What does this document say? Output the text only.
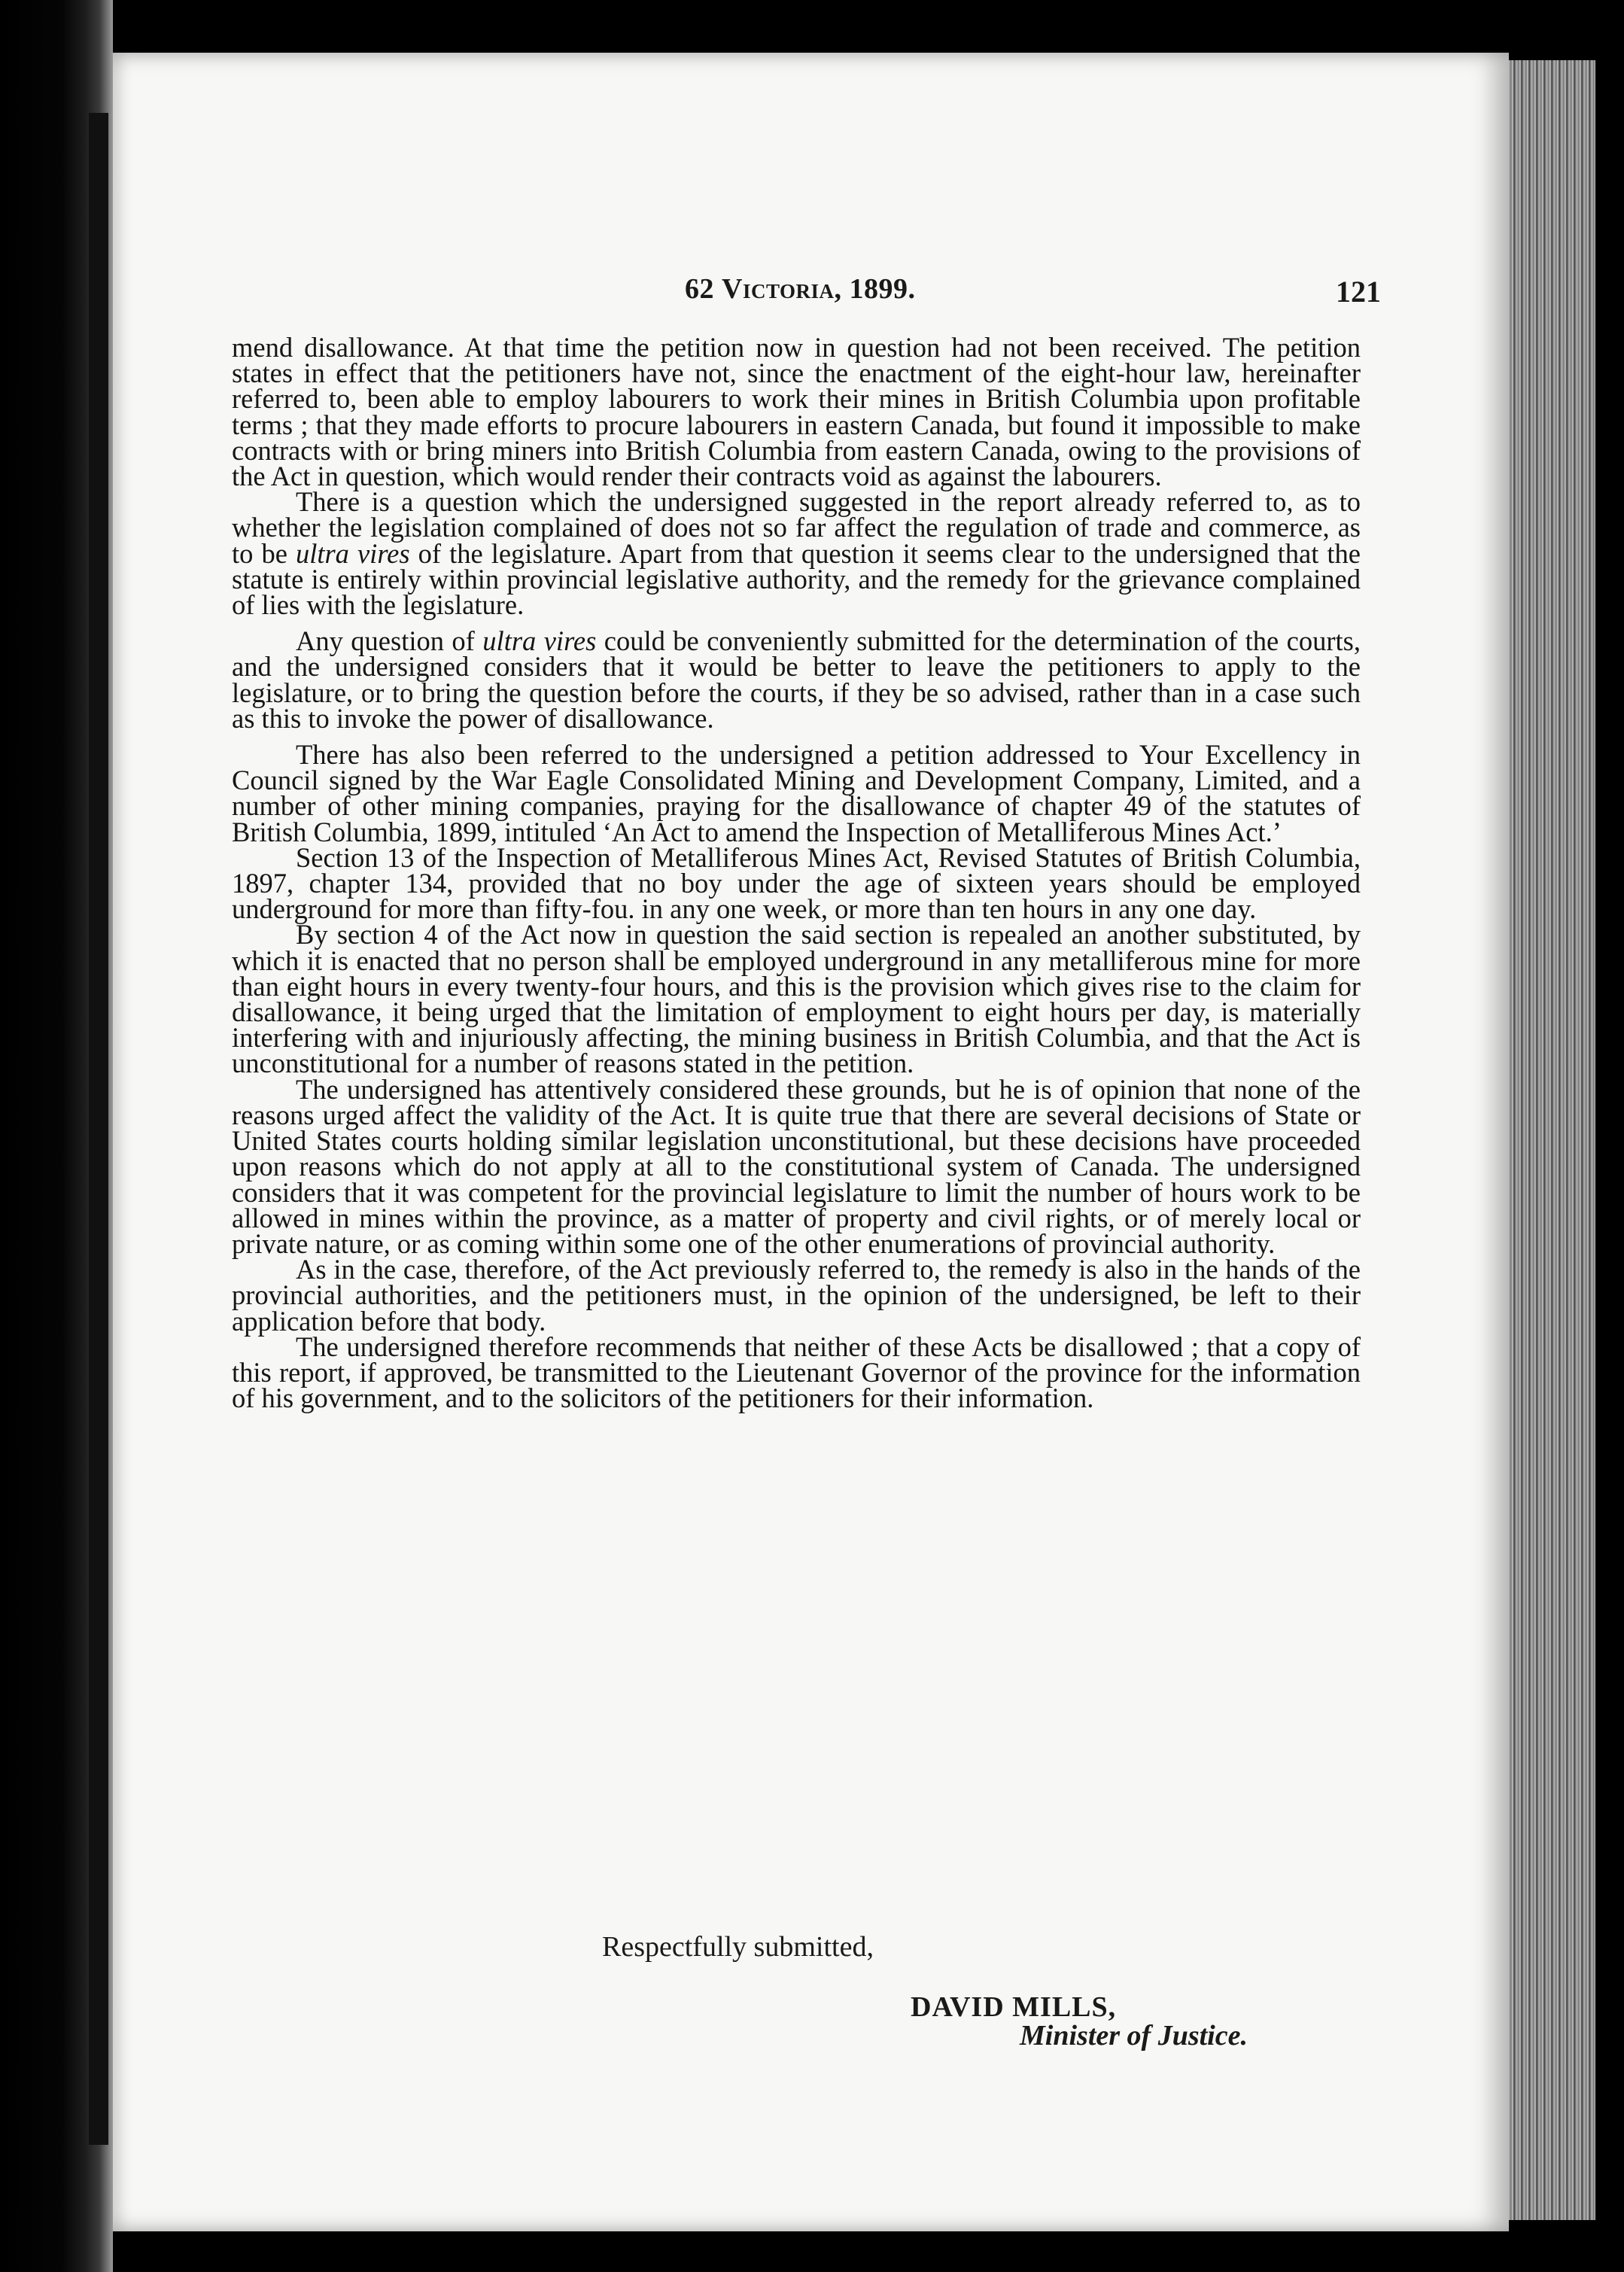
62 Victoria, 1899.	121

mend disallowance. At that time the petition now in question had not been received. The petition states in effect that the petitioners have not, since the enactment of the eight-hour law, hereinafter referred to, been able to employ labourers to work their mines in British Columbia upon profitable terms ; that they made efforts to procure labourers in eastern Canada, but found it impossible to make contracts with or bring miners into British Columbia from eastern Canada, owing to the provisions of the Act in question, which would render their contracts void as against the labourers.

There is a question which the undersigned suggested in the report already referred to, as to whether the legislation complained of does not so far affect the regulation of trade and commerce, as to be ultra vires of the legislature. Apart from that question it seems clear to the undersigned that the statute is entirely within provincial legislative authority, and the remedy for the grievance complained of lies with the legislature.

Any question of ultra vires could be conveniently submitted for the determination of the courts, and the undersigned considers that it would be better to leave the petitioners to apply to the legislature, or to bring the question before the courts, if they be so advised, rather than in a case such as this to invoke the power of disallowance.

There has also been referred to the undersigned a petition addressed to Your Excellency in Council signed by the War Eagle Consolidated Mining and Development Company, Limited, and a number of other mining companies, praying for the disallowance of chapter 49 of the statutes of British Columbia, 1899, intituled ‘An Act to amend the Inspection of Metalliferous Mines Act.’

Section 13 of the Inspection of Metalliferous Mines Act, Revised Statutes of British Columbia, 1897, chapter 134, provided that no boy under the age of sixteen years should be employed underground for more than fifty-fou. in any one week, or more than ten hours in any one day.

By section 4 of the Act now in question the said section is repealed an another substituted, by which it is enacted that no person shall be employed underground in any metalliferous mine for more than eight hours in every twenty-four hours, and this is the provision which gives rise to the claim for disallowance, it being urged that the limitation of employment to eight hours per day, is materially interfering with and injuriously affecting, the mining business in British Columbia, and that the Act is unconstitutional for a number of reasons stated in the petition.

The undersigned has attentively considered these grounds, but he is of opinion that none of the reasons urged affect the validity of the Act. It is quite true that there are several decisions of State or United States courts holding similar legislation unconstitutional, but these decisions have proceeded upon reasons which do not apply at all to the constitutional system of Canada. The undersigned considers that it was competent for the provincial legislature to limit the number of hours work to be allowed in mines within the province, as a matter of property and civil rights, or of merely local or private nature, or as coming within some one of the other enumerations of provincial authority.

As in the case, therefore, of the Act previously referred to, the remedy is also in the hands of the provincial authorities, and the petitioners must, in the opinion of the undersigned, be left to their application before that body.

The undersigned therefore recommends that neither of these Acts be disallowed ; that a copy of this report, if approved, be transmitted to the Lieutenant Governor of the province for the information of his government, and to the solicitors of the petitioners for their information.

Respectfully submitted,
DAVID MILLS,
Minister of Justice.
